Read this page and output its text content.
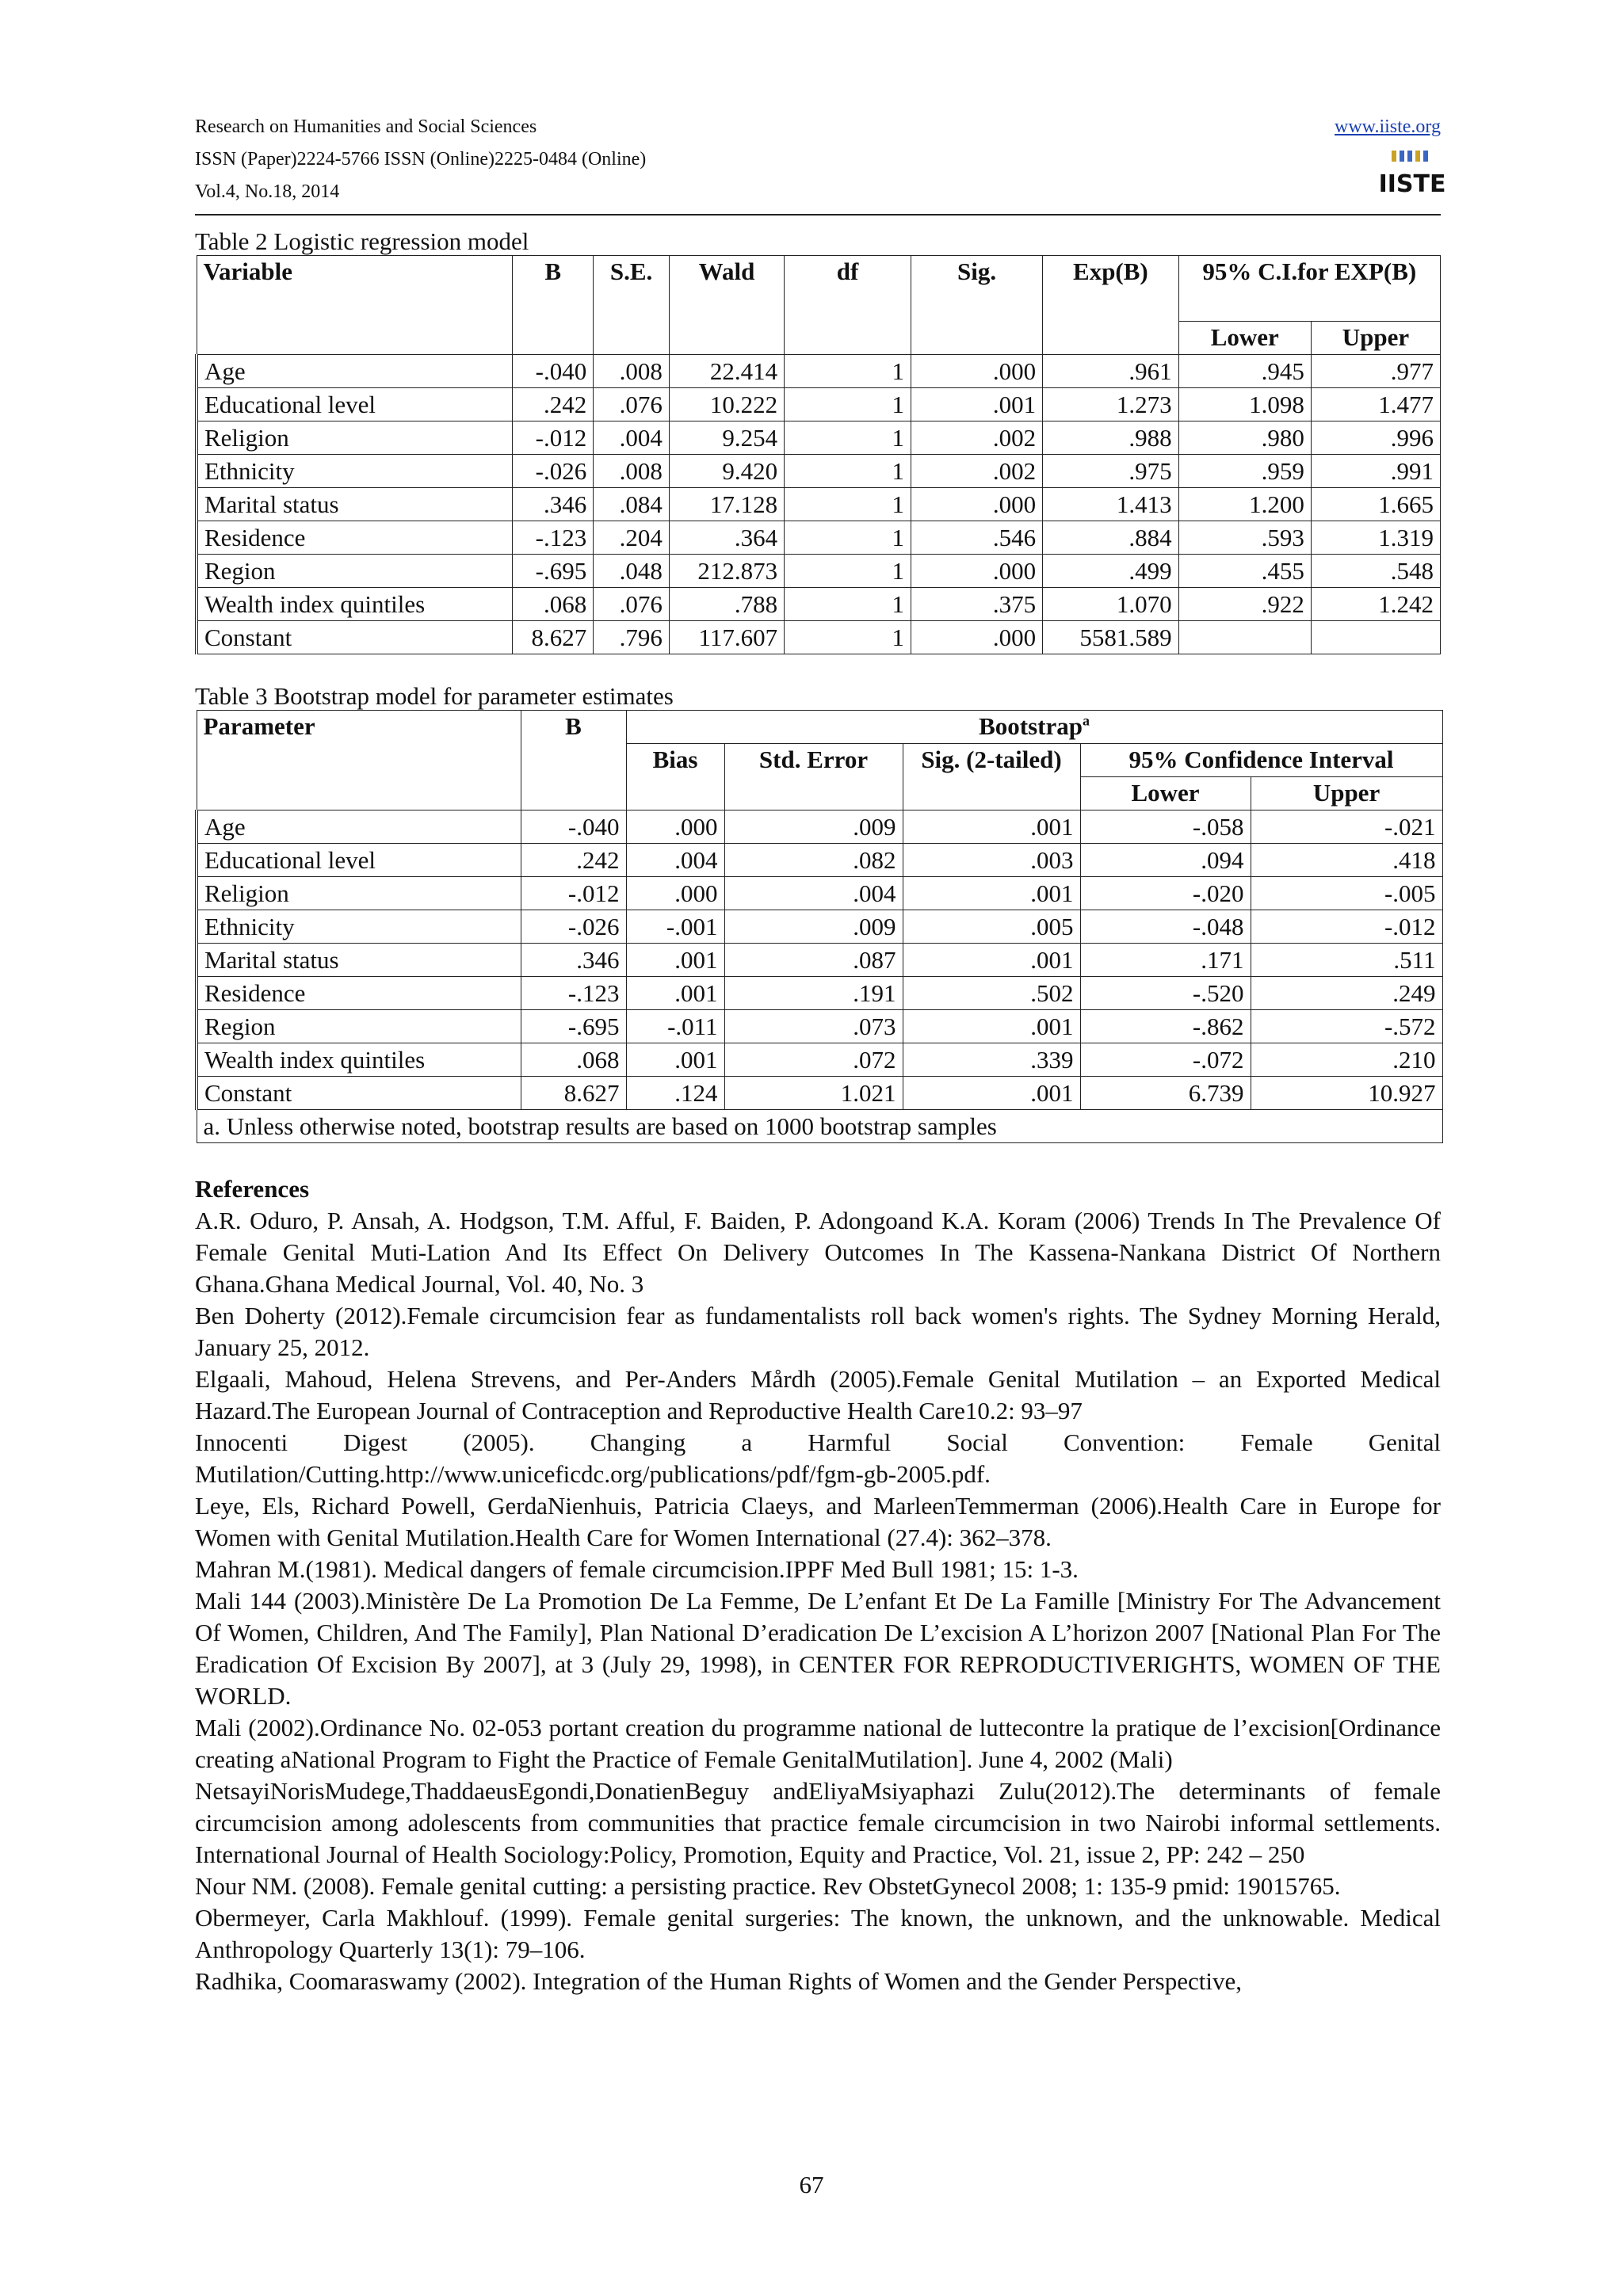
Research on Humanities and Social Sciences
ISSN (Paper)2224-5766 ISSN (Online)2225-0484 (Online)
Vol.4, No.18, 2014
www.iiste.org
IISTE
Table 2 Logistic regression model
Variable	B	S.E.	Wald	df	Sig.	Exp(B)	95% C.I.for EXP(B)	
							Lower	Upper
Age	-.040	.008	22.414	1	.000	.961	.945	.977
Educational level	.242	.076	10.222	1	.001	1.273	1.098	1.477
Religion	-.012	.004	9.254	1	.002	.988	.980	.996
Ethnicity	-.026	.008	9.420	1	.002	.975	.959	.991
Marital status	.346	.084	17.128	1	.000	1.413	1.200	1.665
Residence	-.123	.204	.364	1	.546	.884	.593	1.319
Region	-.695	.048	212.873	1	.000	.499	.455	.548
Wealth index quintiles	.068	.076	.788	1	.375	1.070	.922	1.242
Constant	8.627	.796	117.607	1	.000	5581.589		
Table 3 Bootstrap model for parameter estimates
Parameter	B	Bootstrap$^a$
		Bias	Std. Error	Sig. (2-tailed)	95% Confidence Interval	
					Lower	Upper
Age	-.040	.000	.009	.001	-.058	-.021
Educational level	.242	.004	.082	.003	.094	.418
Religion	-.012	.000	.004	.001	-.020	-.005
Ethnicity	-.026	-.001	.009	.005	-.048	-.012
Marital status	.346	.001	.087	.001	.171	.511
Residence	-.123	.001	.191	.502	-.520	.249
Region	-.695	-.011	.073	.001	-.862	-.572
Wealth index quintiles	.068	.001	.072	.339	-.072	.210
Constant	8.627	.124	1.021	.001	6.739	10.927
a. Unless otherwise noted, bootstrap results are based on 1000 bootstrap samples						
References

A.R. Oduro, P. Ansah, A. Hodgson, T.M. Afful, F. Baiden, P. Adongoand K.A. Koram (2006) Trends In The Prevalence Of Female Genital Muti-Lation And Its Effect On Delivery Outcomes In The Kassena-Nankana District Of Northern Ghana.Ghana Medical Journal, Vol. 40, No. 3

Ben Doherty (2012).Female circumcision fear as fundamentalists roll back women's rights. The Sydney Morning Herald, January 25, 2012.

Elgaali, Mahoud, Helena Strevens, and Per-Anders Mårdh (2005).Female Genital Mutilation – an Exported Medical Hazard.The European Journal of Contraception and Reproductive Health Care10.2: 93–97

Innocenti Digest (2005). Changing a Harmful Social Convention: Female Genital Mutilation/Cutting.http://www.uniceficdc.org/publications/pdf/fgm-gb-2005.pdf.

Leye, Els, Richard Powell, GerdaNienhuis, Patricia Claeys, and MarleenTemmerman (2006).Health Care in Europe for Women with Genital Mutilation.Health Care for Women International (27.4): 362–378.

Mahran M.(1981). Medical dangers of female circumcision.IPPF Med Bull 1981; 15: 1-3.

Mali 144 (2003).Ministère De La Promotion De La Femme, De L’enfant Et De La Famille [Ministry For The Advancement Of Women, Children, And The Family], Plan National D’eradication De L’excision A L’horizon 2007 [National Plan For The Eradication Of Excision By 2007], at 3 (July 29, 1998), in CENTER FOR REPRODUCTIVERIGHTS, WOMEN OF THE WORLD.

Mali (2002).Ordinance No. 02-053 portant creation du programme national de luttecontre la pratique de l’excision[Ordinance creating aNational Program to Fight the Practice of Female GenitalMutilation]. June 4, 2002 (Mali)

NetsayiNorisMudege,ThaddaeusEgondi,DonatienBeguy andEliyaMsiyaphazi Zulu(2012).The determinants of female circumcision among adolescents from communities that practice female circumcision in two Nairobi informal settlements. International Journal of Health Sociology:Policy, Promotion, Equity and Practice, Vol. 21, issue 2, PP: 242 – 250

Nour NM. (2008). Female genital cutting: a persisting practice. Rev ObstetGynecol 2008; 1: 135-9 pmid: 19015765.

Obermeyer, Carla Makhlouf. (1999). Female genital surgeries: The known, the unknown, and the unknowable. Medical Anthropology Quarterly 13(1): 79–106.

Radhika, Coomaraswamy (2002). Integration of the Human Rights of Women and the Gender Perspective,

67
